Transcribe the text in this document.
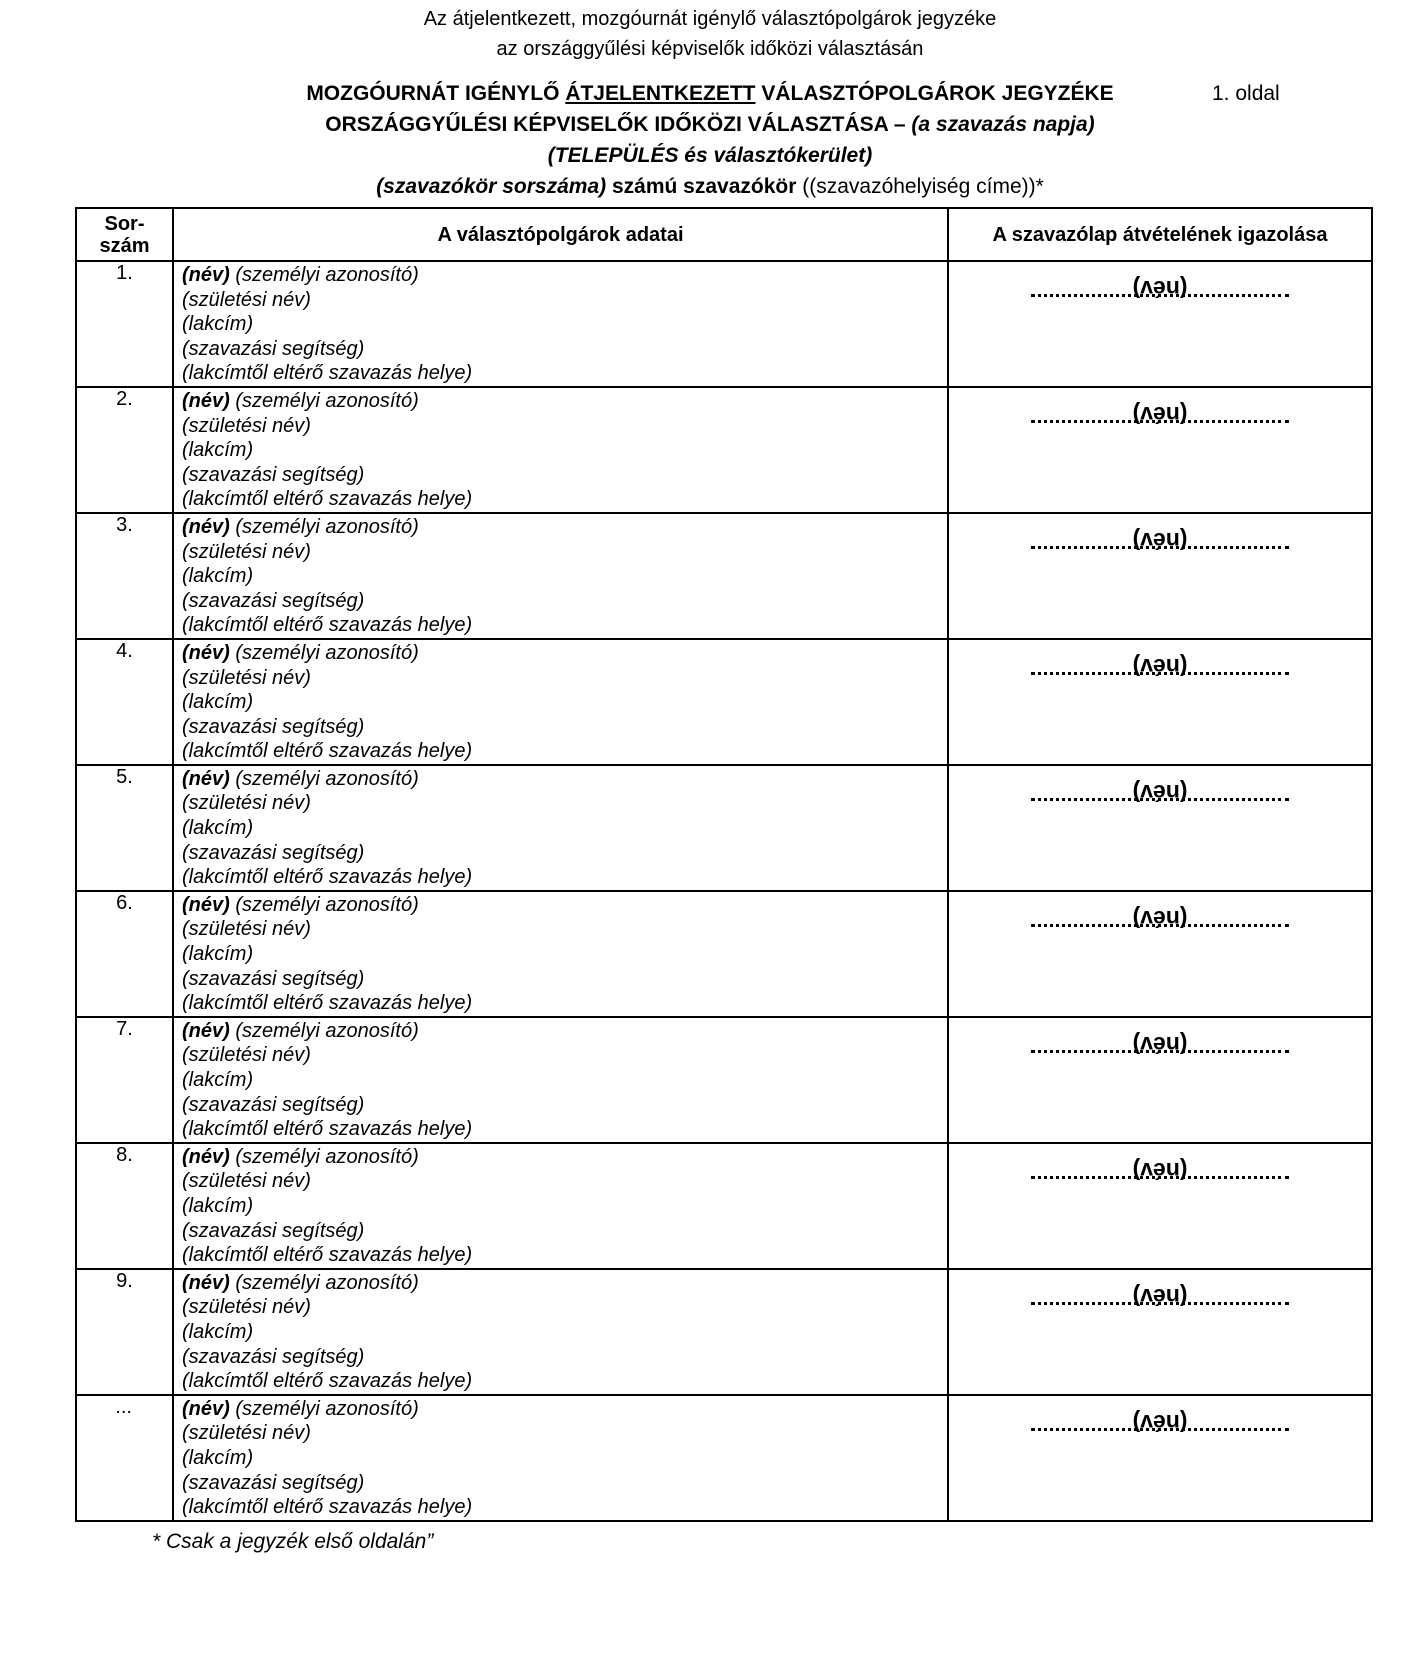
Az átjelentkezett, mozgóurnát igénylő választópolgárok jegyzéke
az országgyűlési képviselők időközi választásán
MOZGÓURNÁT IGÉNYLŐ ÁTJELENTKEZETT VÁLASZTÓPOLGÁROK JEGYZÉKE
ORSZÁGGYŰLÉSI KÉPVISELŐK IDŐKÖZI VÁLASZTÁSA – (a szavazás napja)
(TELEPÜLÉS és választókerület)
(szavazókör sorszáma) számú szavazókör ((szavazóhelyiség címe))*
1. oldal
Sor-
szám	A választópolgárok adatai	A szavazólap átvételének igazolása
1.	(név) (személyi azonosító)
(születési név)
(lakcím)
(szavazási segítség)
(lakcímtől eltérő szavazás helye)	(név)

2.	(név) (személyi azonosító)
(születési név)
(lakcím)
(szavazási segítség)
(lakcímtől eltérő szavazás helye)	(név)

3.	(név) (személyi azonosító)
(születési név)
(lakcím)
(szavazási segítség)
(lakcímtől eltérő szavazás helye)	(név)

4.	(név) (személyi azonosító)
(születési név)
(lakcím)
(szavazási segítség)
(lakcímtől eltérő szavazás helye)	(név)

5.	(név) (személyi azonosító)
(születési név)
(lakcím)
(szavazási segítség)
(lakcímtől eltérő szavazás helye)	(név)

6.	(név) (személyi azonosító)
(születési név)
(lakcím)
(szavazási segítség)
(lakcímtől eltérő szavazás helye)	(név)

7.	(név) (személyi azonosító)
(születési név)
(lakcím)
(szavazási segítség)
(lakcímtől eltérő szavazás helye)	(név)

8.	(név) (személyi azonosító)
(születési név)
(lakcím)
(szavazási segítség)
(lakcímtől eltérő szavazás helye)	(név)

9.	(név) (személyi azonosító)
(születési név)
(lakcím)
(szavazási segítség)
(lakcímtől eltérő szavazás helye)	(név)

...	(név) (személyi azonosító)
(születési név)
(lakcím)
(szavazási segítség)
(lakcímtől eltérő szavazás helye)	(név)
* Csak a jegyzék első oldalán”
